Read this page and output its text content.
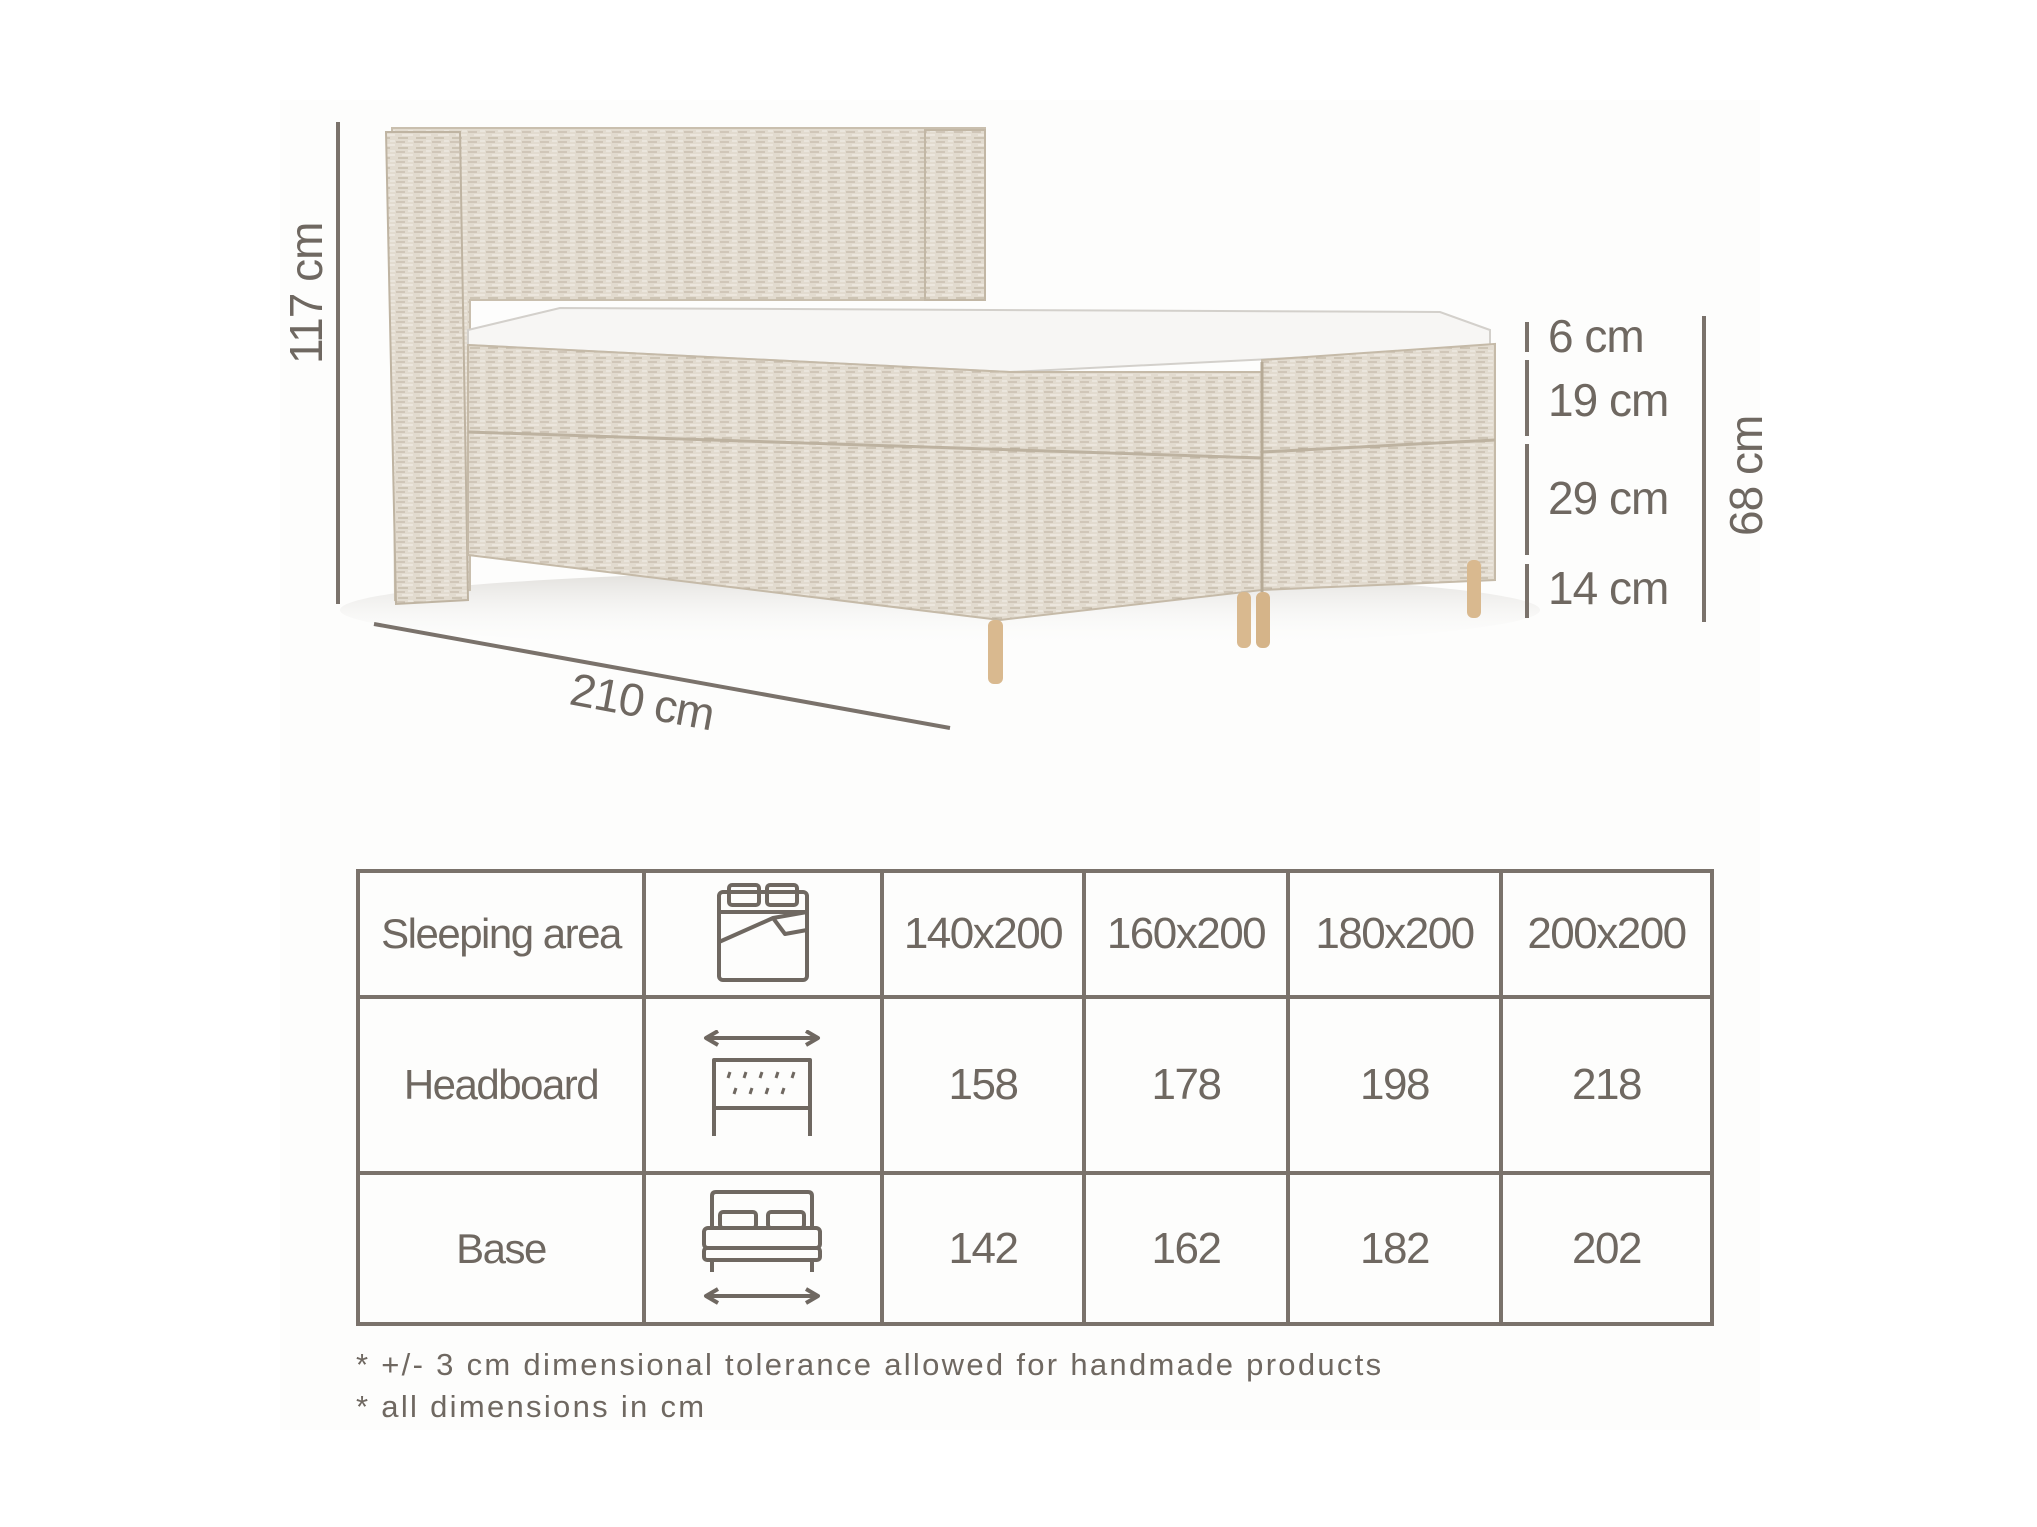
117 cm
210 cm
68 cm
6 cm
19 cm
29 cm
14 cm
Sleeping area		140x200	160x200	180x200	200x200
Headboard		158	178	198	218
Base		142	162	182	202
* +/- 3 cm dimensional tolerance allowed for handmade products
* all dimensions in cm
